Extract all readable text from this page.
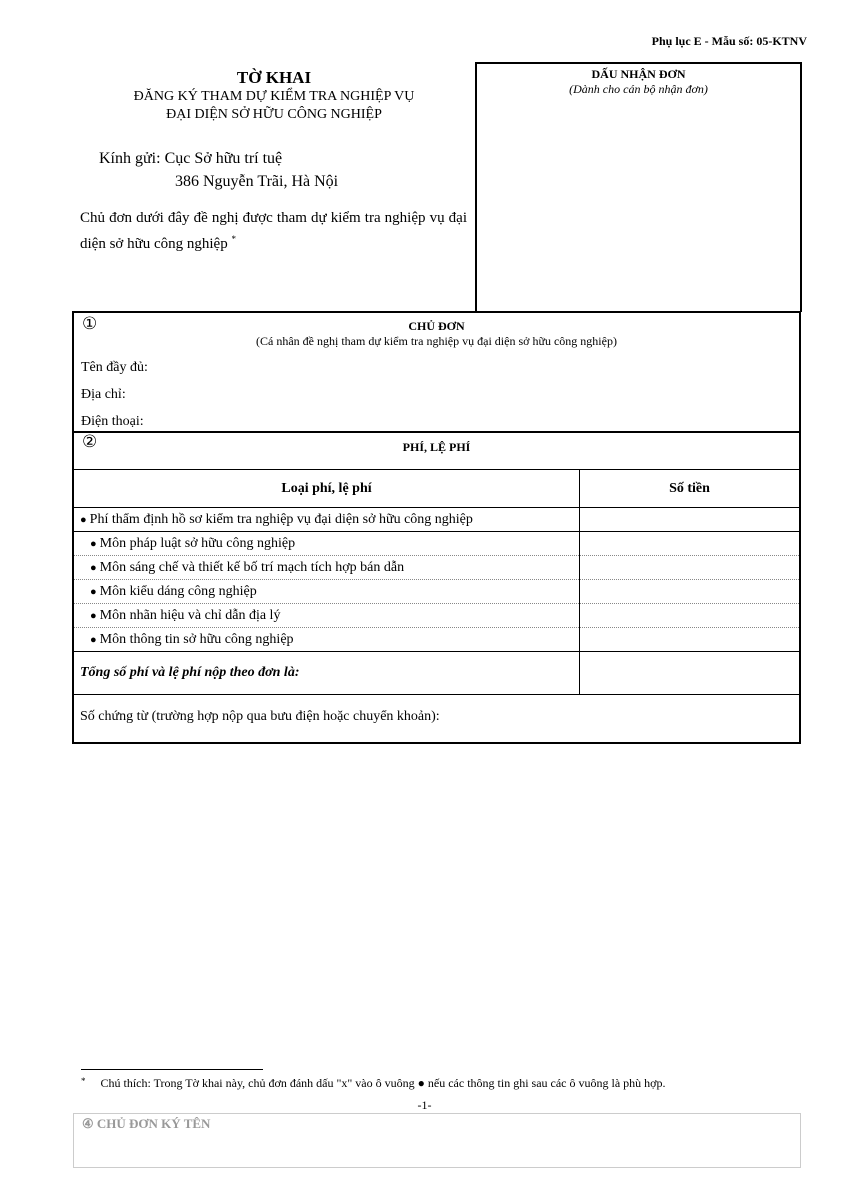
Phụ lục E - Mẫu số: 05-KTNV
TỜ KHAI
ĐĂNG KÝ THAM DỰ KIỂM TRA NGHIỆP VỤ
ĐẠI DIỆN SỞ HỮU CÔNG NGHIỆP
Kính gửi: Cục Sở hữu trí tuệ
386 Nguyễn Trãi, Hà Nội
Chủ đơn dưới đây đề nghị được tham dự kiểm tra nghiệp vụ đại diện sở hữu công nghiệp *
DẤU NHẬN ĐƠN
(Dành cho cán bộ nhận đơn)
①	CHỦ ĐƠN
(Cá nhân đề nghị tham dự kiểm tra nghiệp vụ đại diện sở hữu công nghiệp)
Tên đầy đủ:
Địa chỉ:
Điện thoại:
②	PHÍ, LỆ PHÍ
Loại phí, lệ phí	Số tiền
● Phí thẩm định hồ sơ kiểm tra nghiệp vụ đại diện sở hữu công nghiệp	
● Môn pháp luật sở hữu công nghiệp	
● Môn sáng chế và thiết kế bố trí mạch tích hợp bán dẫn	
● Môn kiểu dáng công nghiệp	
● Môn nhãn hiệu và chỉ dẫn địa lý	
● Môn thông tin sở hữu công nghiệp	
Tổng số phí và lệ phí nộp theo đơn là:	
Số chứng từ (trường hợp nộp qua bưu điện hoặc chuyển khoản):	
* Chú thích: Trong Tờ khai này, chủ đơn đánh dấu "x" vào ô vuông ● nếu các thông tin ghi sau các ô vuông là phù hợp.
-1-
④ CHỦ ĐƠN KÝ TÊN
